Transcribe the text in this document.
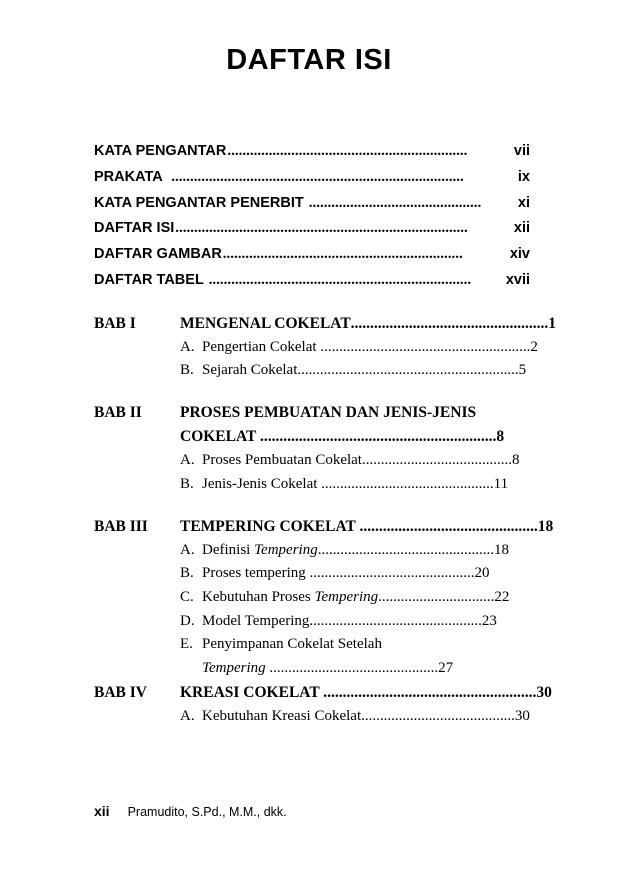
DAFTAR ISI
KATA PENGANTAR ................................................................	vii
PRAKATA ..............................................................................	ix
KATA PENGANTAR PENERBIT ..............................................	xi
DAFTAR ISI ..............................................................................	xii
DAFTAR GAMBAR ................................................................	xiv
DAFTAR TABEL ......................................................................	xvii
BAB I	MENGENAL COKELAT ................................................... 1
A. Pengertian Cokelat ........................................................ 2
B. Sejarah Cokelat ........................................................... 5
BAB II	PROSES PEMBUATAN DAN JENIS-JENIS
COKELAT ............................................................. 8
A. Proses Pembuatan Cokelat ........................................ 8
B. Jenis-Jenis Cokelat .............................................. 11
BAB III	TEMPERING COKELAT .............................................. 18
A. Definisi Tempering ............................................... 18
B. Proses tempering ............................................ 20
C. Kebutuhan Proses Tempering ............................... 22
D. Model Tempering. ............................................. 23
E. Penyimpanan Cokelat Setelah
Tempering ............................................. 27
BAB IV	KREASI COKELAT ....................................................... 30
A. Kebutuhan Kreasi Cokelat ......................................... 30
xii Pramudito, S.Pd., M.M., dkk.
